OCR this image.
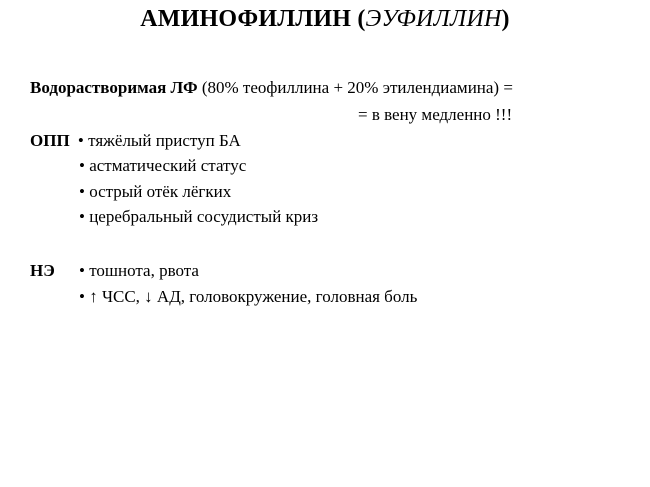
АМИНОФИЛЛИН (ЭУФИЛЛИН)
Водорастворимая ЛФ (80% теофиллина + 20% этилендиамина) =
= в вену медленно !!!
ОПП • тяжёлый приступ БА
• астматический статус
• острый отёк лёгких
• церебральный сосудистый криз
НЭ • тошнота, рвота
• ↑ ЧСС, ↓ АД, головокружение, головная боль
